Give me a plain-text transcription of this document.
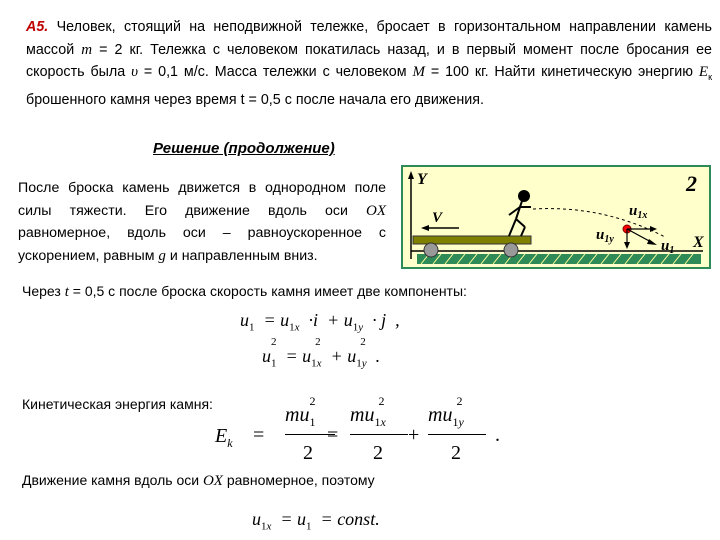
A5. Человек, стоящий на неподвижной тележке, бросает в горизонтальном направлении камень массой m = 2 кг. Тележка с человеком покатилась назад, и в первый момент после бросания ее скорость была υ = 0,1 м/с. Масса тележки с человеком M = 100 кг. Найти кинетическую энергию $E_к$ брошенного камня через время t = 0,5 с после начала его движения.
Решение (продолжение)
После броска камень движется в однородном поле силы тяжести. Его движение вдоль оси OX равномерное, вдоль оси – равноускоренное с ускорением, равным g и направленным вниз.
Y
X
V	$u_{1x}$
$u_{1y}$	$u_1$
2
Через t = 0,5 с после броска скорость камня имеет две компоненты:
$u_1 = u_{1x} \cdot i + u_{1y} \cdot j$  ,
u
2
$_1$  = u
2
$_{1x}$  + u
2
$_{1y}$  .
Кинетическая энергия камня:
$E_k$ =
mu
2
$_1$
2
=
mu
2
$_{1x}$
2
+
mu
2
$_{1y}$
2
.
Движение камня вдоль оси OX равномерное, поэтому
$u_{1x} = u_1$  = const.
